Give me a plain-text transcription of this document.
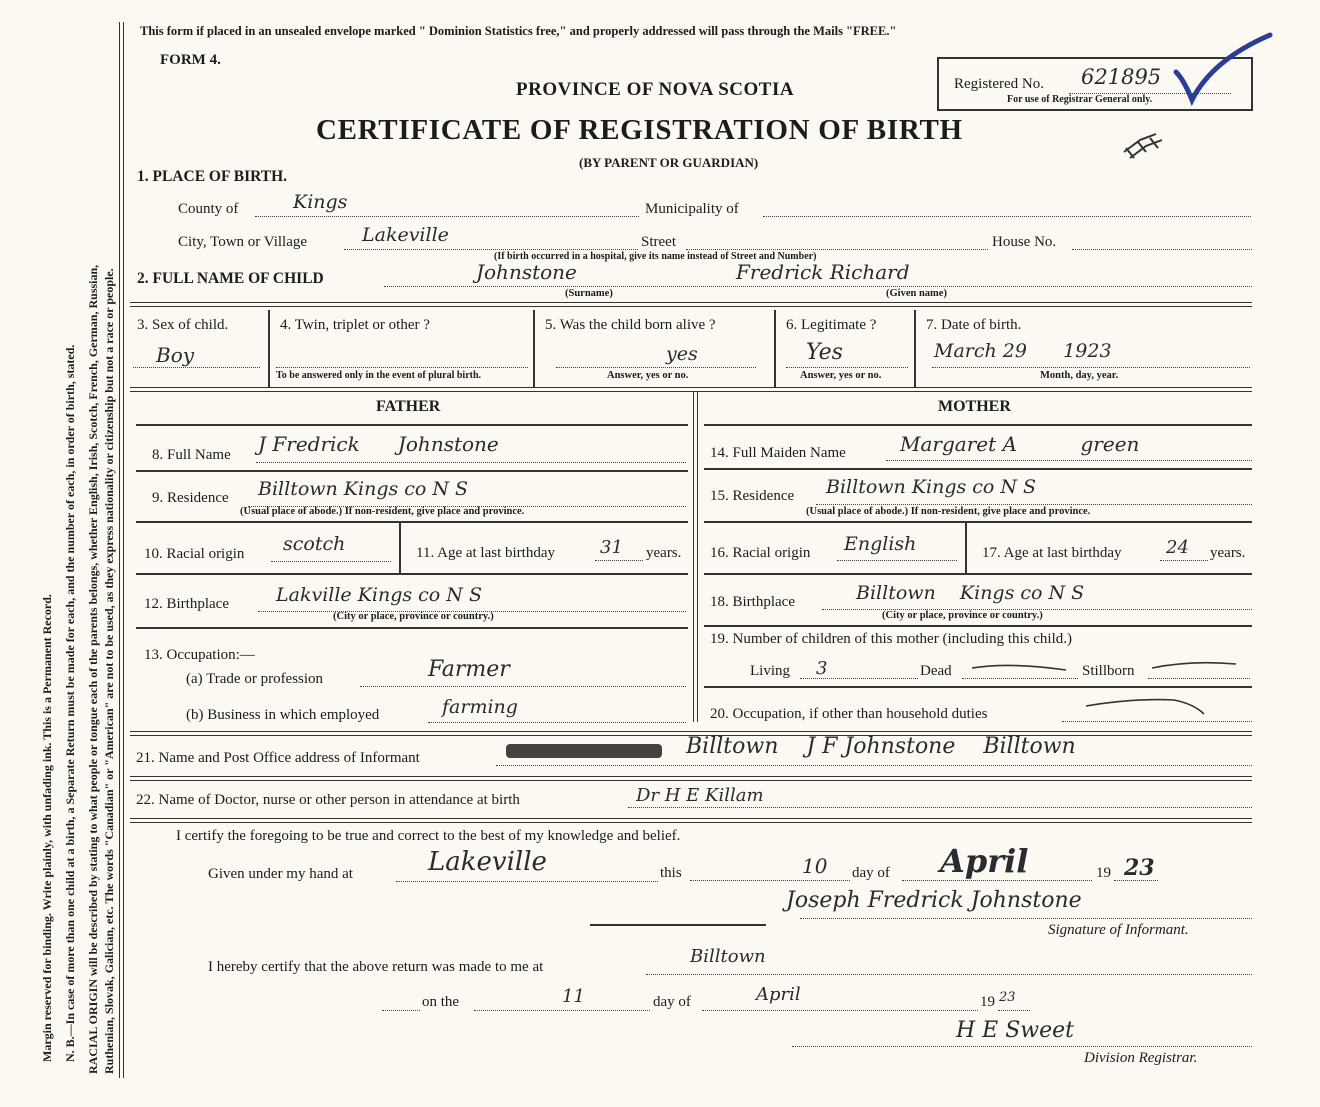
Margin reserved for binding. Write plainly, with unfading ink. This is a Permanent Record. N. B.—In case of more than one child at a birth, a Separate Return must be made for each, and the number of each, in order of birth, stated. RACIAL ORIGIN will be described by stating to what people or tongue each of the parents belongs, whether English, Irish, Scotch, French, German, Russian, Ruthenian, Slovak, Galician, etc. The words "Canadian" or "American" are not to be used, as they express nationality or citizenship but not a race or people.
This form if placed in an unsealed envelope marked " Dominion Statistics free," and properly addressed will pass through the Mails "FREE."
FORM 4.
PROVINCE OF NOVA SCOTIA
CERTIFICATE OF REGISTRATION OF BIRTH
(BY PARENT OR GUARDIAN)
Registered No. 621895
For use of Registrar General only.
1. PLACE OF BIRTH.
County of	Kings	Municipality of
City, Town or Village	Lakeville	Street	House No.
(If birth occurred in a hospital, give its name instead of Street and Number)
2. FULL NAME OF CHILD	Johnstone	Fredrick Richard
(Surname)	(Given name)
3. Sex of child.
Boy
4. Twin, triplet or other ?
To be answered only in the event of plural birth.
5. Was the child born alive ?
yes
Answer, yes or no.
6. Legitimate ?
Yes
Answer, yes or no.
7. Date of birth.
March 29      1923
Month, day, year.
FATHER	MOTHER
8. Full Name J Fredrick      Johnstone
9. Residence Billtown Kings co N S
(Usual place of abode.) If non-resident, give place and province.
10. Racial origin scotch	11. Age at last birthday	31 years.
12. Birthplace Lakville Kings co N S
(City or place, province or country.)
13. Occupation:—
(a) Trade or profession	Farmer
(b) Business in which employed	farming
14. Full Maiden Name	Margaret A          green
15. Residence Billtown Kings co N S
(Usual place of abode.) If non-resident, give place and province.
16. Racial origin English	17. Age at last birthday 24 years.
18. Birthplace	Billtown    Kings co N S
(City or place, province or country.)
19. Number of children of this mother (including this child.)
Living 3	Dead	Stillborn
20. Occupation, if other than household duties
21. Name and Post Office address of Informant	Billtown    J F Johnstone    Billtown
22. Name of Doctor, nurse or other person in attendance at birth	Dr H E Killam
I certify the foregoing to be true and correct to the best of my knowledge and belief.
Given under my hand at	Lakeville	this	10 day of April	19 23
Joseph Fredrick Johnstone
Signature of Informant.
I hereby certify that the above return was made to me at	Billtown
on the	11	day of	April	19 23
H E Sweet
Division Registrar.
